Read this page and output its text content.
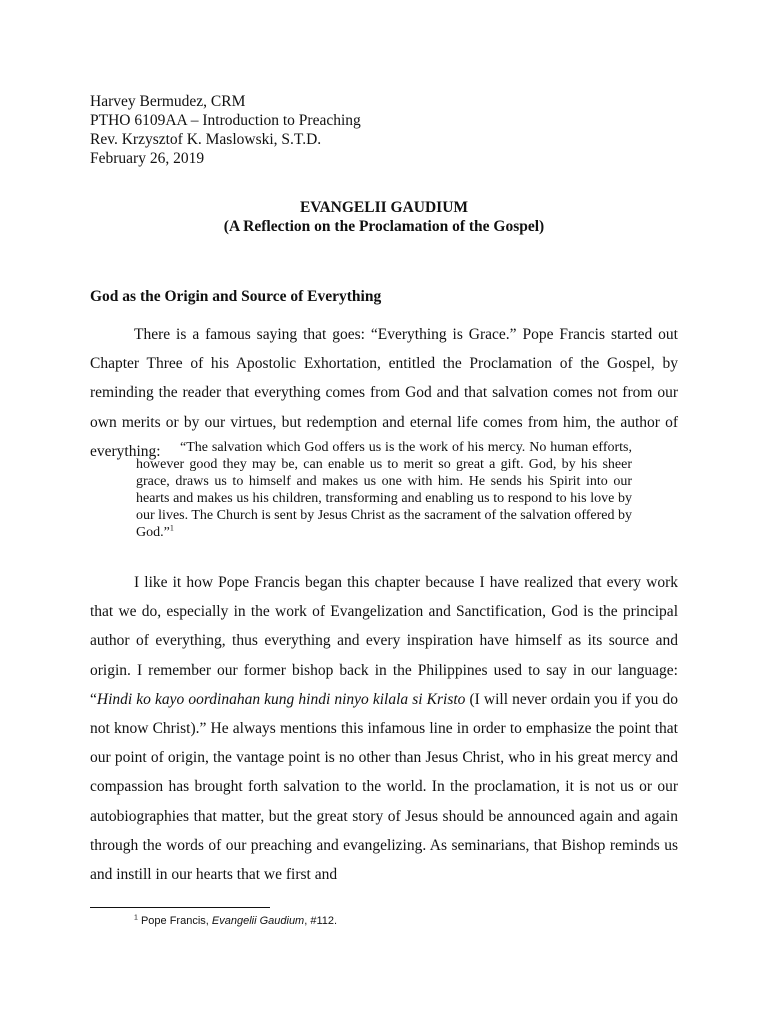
Harvey Bermudez, CRM
PTHO 6109AA – Introduction to Preaching
Rev. Krzysztof K. Maslowski, S.T.D.
February 26, 2019
EVANGELII GAUDIUM
(A Reflection on the Proclamation of the Gospel)
God as the Origin and Source of Everything
There is a famous saying that goes: “Everything is Grace.” Pope Francis started out Chapter Three of his Apostolic Exhortation, entitled the Proclamation of the Gospel, by reminding the reader that everything comes from God and that salvation comes not from our own merits or by our virtues, but redemption and eternal life comes from him, the author of everything:	“The salvation which God offers us is the work of his mercy. No human efforts, however good they may be, can enable us to merit so great a gift. God, by his sheer grace, draws us to himself and makes us one with him. He sends his Spirit into our hearts and makes us his children, transforming and enabling us to respond to his love by our lives. The Church is sent by Jesus Christ as the sacrament of the salvation offered by God.”$^1$
I like it how Pope Francis began this chapter because I have realized that every work that we do, especially in the work of Evangelization and Sanctification, God is the principal author of everything, thus everything and every inspiration have himself as its source and origin. I remember our former bishop back in the Philippines used to say in our language: “Hindi ko kayo oordinahan kung hindi ninyo kilala si Kristo (I will never ordain you if you do not know Christ).” He always mentions this infamous line in order to emphasize the point that our point of origin, the vantage point is no other than Jesus Christ, who in his great mercy and compassion has brought forth salvation to the world. In the proclamation, it is not us or our autobiographies that matter, but the great story of Jesus should be announced again and again through the words of our preaching and evangelizing. As seminarians, that Bishop reminds us and instill in our hearts that we first and
$^1$ Pope Francis, Evangelii Gaudium, #112.
